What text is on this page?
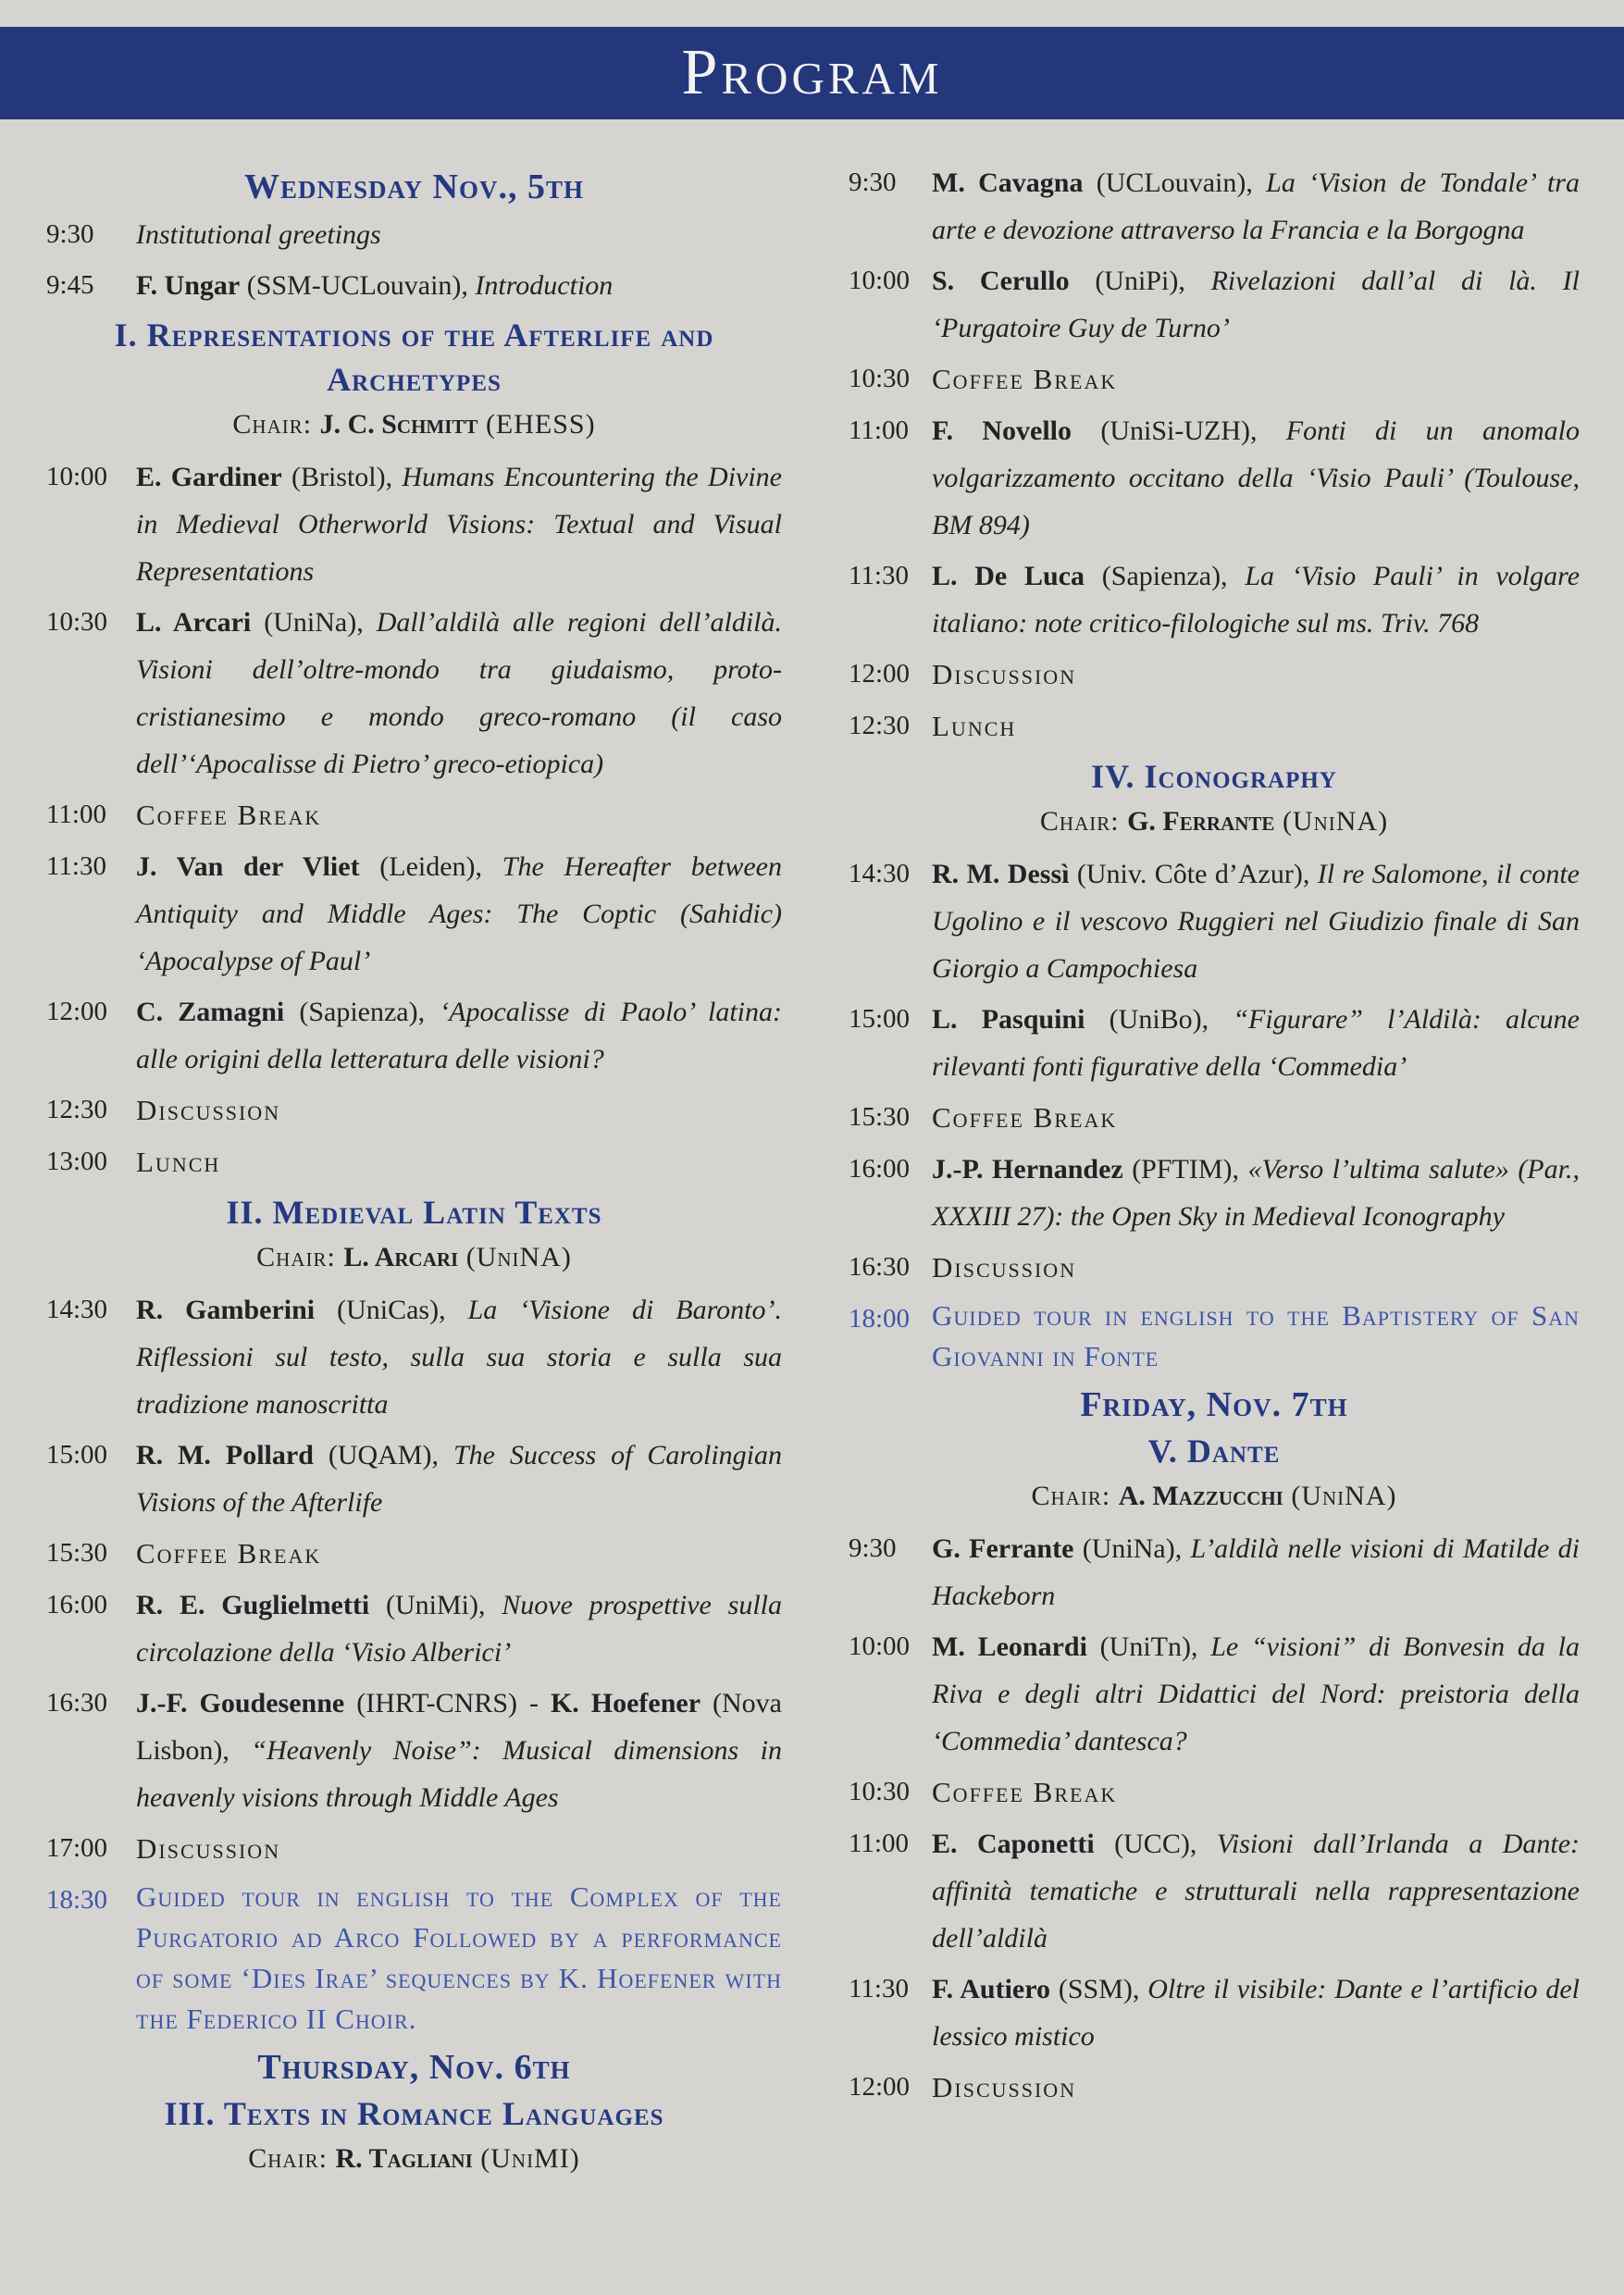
Program
Wednesday Nov., 5th
9:30	Institutional greetings
9:45	F. Ungar (SSM-UCLouvain), Introduction
I. Representations of the Afterlife and Archetypes
Chair: J. C. Schmitt (EHESS)
10:00	E. Gardiner (Bristol), Humans Encountering the Divine in Medieval Otherworld Visions: Textual and Visual Representations
10:30	L. Arcari (UniNa), Dall’aldilà alle regioni dell’aldilà. Visioni dell’oltre-mondo tra giudaismo, proto-cristianesimo e mondo greco-romano (il caso dell’‘Apocalisse di Pietro’ greco-etiopica)
11:00	Coffee Break
11:30	J. Van der Vliet (Leiden), The Hereafter between Antiquity and Middle Ages: The Coptic (Sahidic) ‘Apocalypse of Paul’
12:00	C. Zamagni (Sapienza), ‘Apocalisse di Paolo’ latina: alle origini della letteratura delle visioni?
12:30 Discussion
13:00 Lunch
II. Medieval Latin Texts
Chair: L. Arcari (UniNA)
14:30	R. Gamberini (UniCas), La ‘Visione di Baronto’. Riflessioni sul testo, sulla sua storia e sulla sua tradizione manoscritta
15:00	R. M. Pollard (UQAM), The Success of Carolingian Visions of the Afterlife
15:30 Coffee Break
16:00	R. E. Guglielmetti (UniMi), Nuove prospettive sulla circolazione della ‘Visio Alberici’
16:30	J.-F. Goudesenne (IHRT-CNRS) - K. Hoefener (Nova Lisbon), “Heavenly Noise”: Musical dimensions in heavenly visions through Middle Ages
17:00 Discussion
18:30 Guided tour in english to the Complex of the Purgatorio ad Arco Followed by a performance of some ‘Dies Irae’ sequences by K. Hoefener with the Federico II Choir.
Thursday, Nov. 6th
III. Texts in Romance Languages
Chair: R. Tagliani (UniMI)
9:30	M. Cavagna (UCLouvain), La ‘Vision de Tondale’ tra arte e devozione attraverso la Francia e la Borgogna
10:00 S. Cerullo (UniPi), Rivelazioni dall’al di là. Il ‘Purgatoire Guy de Turno’
10:30 Coffee Break
11:00 F. Novello (UniSi-UZH), Fonti di un anomalo volgarizzamento occitano della ‘Visio Pauli’ (Toulouse, BM 894)
11:30 L. De Luca (Sapienza), La ‘Visio Pauli’ in volgare italiano: note critico-filologiche sul ms. Triv. 768
12:00 Discussion
12:30 Lunch
IV. Iconography
Chair: G. Ferrante (UniNA)
14:30 R. M. Dessì (Univ. Côte d’Azur), Il re Salomone, il conte Ugolino e il vescovo Ruggieri nel Giudizio finale di San Giorgio a Campochiesa
15:00 L. Pasquini (UniBo), “Figurare” l’Aldilà: alcune rilevanti fonti figurative della ‘Commedia’
15:30 Coffee Break
16:00 J.-P. Hernandez (PFTIM), «Verso l’ultima salute» (Par., XXXIII 27): the Open Sky in Medieval Iconography
16:30 Discussion
18:00 Guided tour in english to the Baptistery of San Giovanni in Fonte
Friday, Nov. 7th
V. Dante
Chair: A. Mazzucchi (UniNA)
9:30	G. Ferrante (UniNa), L’aldilà nelle visioni di Matilde di Hackeborn
10:00 M. Leonardi (UniTn), Le “visioni” di Bonvesin da la Riva e degli altri Didattici del Nord: preistoria della ‘Commedia’ dantesca?
10:30 Coffee Break
11:00 E. Caponetti (UCC), Visioni dall’Irlanda a Dante: affinità tematiche e strutturali nella rappresentazione dell’aldilà
11:30 F. Autiero (SSM), Oltre il visibile: Dante e l’artificio del lessico mistico
12:00 Discussion
